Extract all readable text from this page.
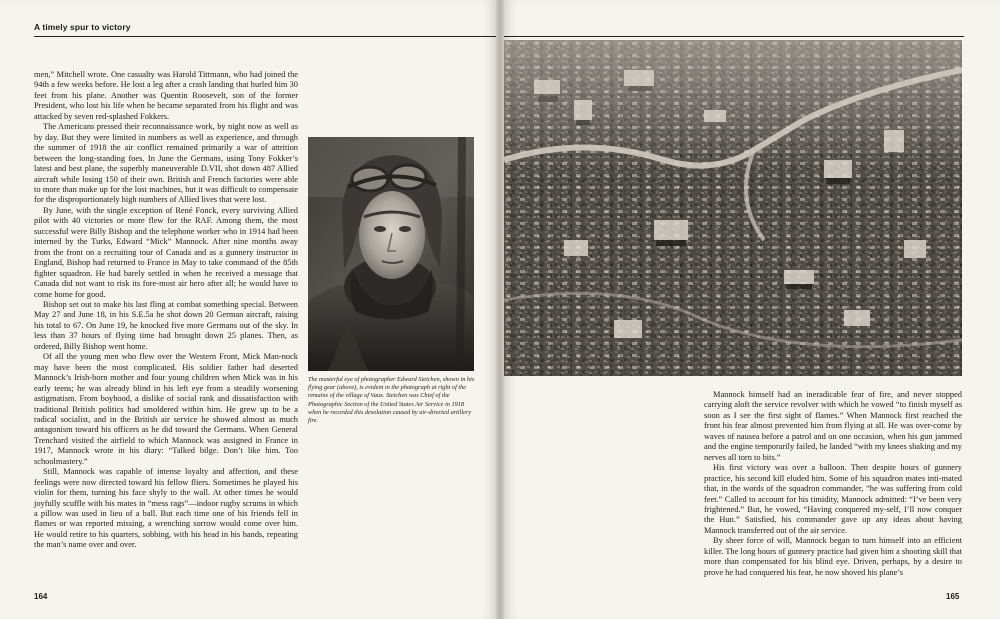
A timely spur to victory

men,” Mitchell wrote. One casualty was Harold Tittmann, who had joined the 94th a few weeks before. He lost a leg after a crash landing that hurled him 30 feet from his plane. Another was Quentin Roosevelt, son of the former President, who lost his life when he became separated from his flight and was attacked by seven red-splashed Fokkers.

The Americans pressed their reconnaissance work, by night now as well as by day. But they were limited in numbers as well as experience, and through the summer of 1918 the air conflict remained primarily a war of attrition between the long-standing foes. In June the Germans, using Tony Fokker’s latest and best plane, the superbly maneuverable D.VII, shot down 487 Allied aircraft while losing 150 of their own. British and French factories were able to more than make up for the lost machines, but it was difficult to compensate for the disproportionately high numbers of Allied lives that were lost.

By June, with the single exception of René Fonck, every surviving Allied pilot with 40 victories or more flew for the RAF. Among them, the most successful were Billy Bishop and the telephone worker who in 1914 had been interned by the Turks, Edward “Mick” Mannock. After nine months away from the front on a recruiting tour of Canada and as a gunnery instructor in England, Bishop had returned to France in May to take command of the 85th fighter squadron. He had barely settled in when he received a message that Canada did not want to risk its fore-most air hero after all; he would have to come home for good.

Bishop set out to make his last fling at combat something special. Between May 27 and June 18, in his S.E.5a he shot down 20 German aircraft, raising his total to 67. On June 19, he knocked five more Germans out of the sky. In less than 37 hours of flying time had brought down 25 planes. Then, as ordered, Billy Bishop went home.

Of all the young men who flew over the Western Front, Mick Man-nock may have been the most complicated. His soldier father had deserted Mannock’s Irish-born mother and four young children when Mick was in his early teens; he was already blind in his left eye from a steadily worsening astigmatism. From boyhood, a dislike of social rank and dissatisfaction with traditional British politics had smoldered within him. He grew up to be a radical socialist, and in the British air service he showed almost as much antagonism toward his officers as he did toward the Germans. When General Trenchard visited the airfield to which Mannock was assigned in France in 1917, Mannock wrote in his diary: “Talked bilge. Don’t like him. Too schoolmastery.”

Still, Mannock was capable of intense loyalty and affection, and these feelings were now directed toward his fellow fliers. Sometimes he played his violin for them, turning his face shyly to the wall. At other times he would joyfully scuffle with his mates in “mess rags”—indoor rugby scrums in which a pillow was used in lieu of a ball. But each time one of his friends fell in flames or was reported missing, a wrenching sorrow would come over him. He would retire to his quarters, sobbing, with his head in his hands, repeating the man’s name over and over.

The masterful eye of photographer Edward Steichen, shown in his flying gear (above), is evident in the photograph at right of the remains of the village of Vaux. Steichen was Chief of the Photographic Section of the United States Air Service in 1918 when he recorded this desolation caused by air-directed artillery fire.
164

Mannock himself had an ineradicable fear of fire, and never stopped carrying aloft the service revolver with which he vowed “to finish myself as soon as I see the first sight of flames.” When Mannock first reached the front his fear almost prevented him from flying at all. He was over-come by waves of nausea before a patrol and on one occasion, when his gun jammed and the engine temporarily failed, he landed “with my knees shaking and my nerves all torn to bits.”

His first victory was over a balloon. Then despite hours of gunnery practice, his second kill eluded him. Some of his squadron mates inti-mated that, in the words of the squadron commander, “he was suffering from cold feet.” Called to account for his timidity, Mannock admitted: “I’ve been very frightened.” But, he vowed, “Having conquered my-self, I’ll now conquer the Hun.” Satisfied, his commander gave up any ideas about having Mannock transferred out of the air service.

By sheer force of will, Mannock began to turn himself into an efficient killer. The long hours of gunnery practice had given him a shooting skill that more than compensated for his blind eye. Driven, perhaps, by a desire to prove he had conquered his fear, he now shoved his plane’s

165
